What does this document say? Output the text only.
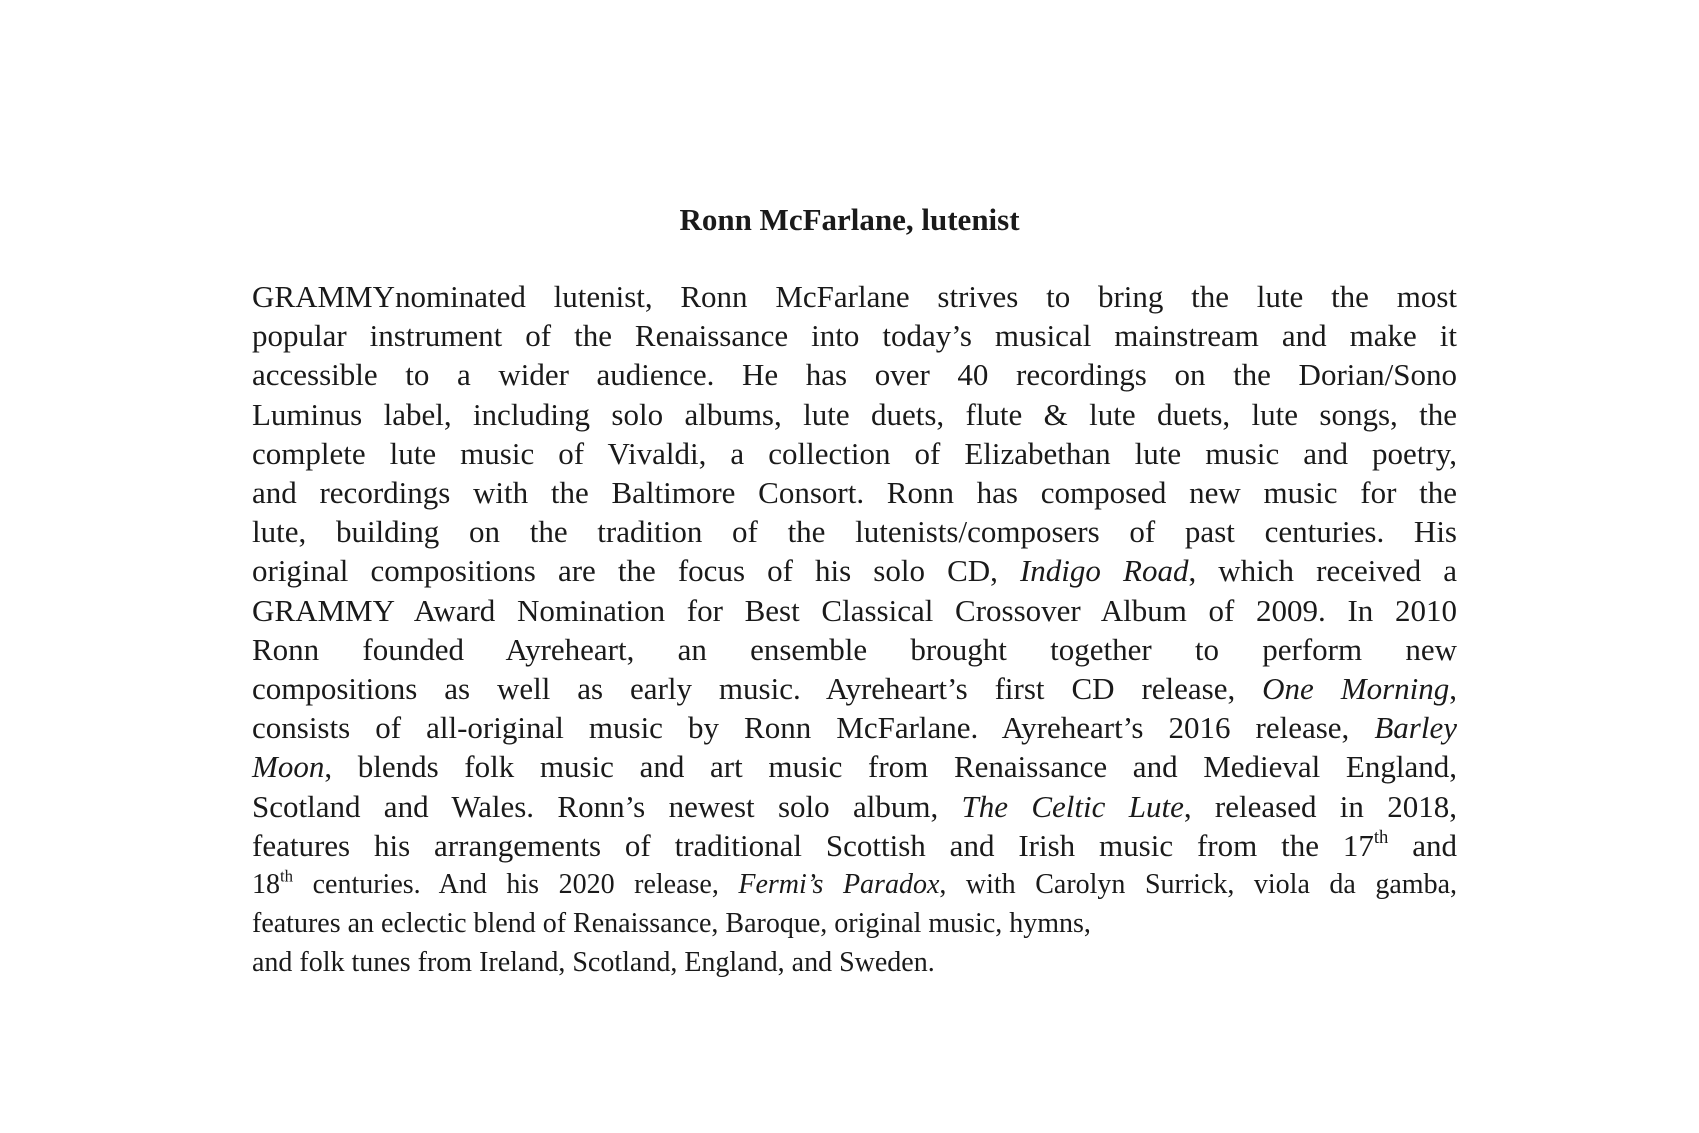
Ronn McFarlane, lutenist
GRAMMYnominated lutenist, Ronn McFarlane strives to bring the lute the most
popular instrument of the Renaissance into today’s musical mainstream and make it
accessible to a wider audience. He has over 40 recordings on the Dorian/Sono
Luminus label, including solo albums, lute duets, flute & lute duets, lute songs, the
complete lute music of Vivaldi, a collection of Elizabethan lute music and poetry,
and recordings with the Baltimore Consort. Ronn has composed new music for the
lute, building on the tradition of the lutenists/composers of past centuries. His
original compositions are the focus of his solo CD, Indigo Road, which received a
GRAMMY Award Nomination for Best Classical Crossover Album of 2009. In 2010
Ronn founded Ayreheart, an ensemble brought together to perform new
compositions as well as early music. Ayreheart’s first CD release, One Morning,
consists of all-original music by Ronn McFarlane. Ayreheart’s 2016 release, Barley
Moon, blends folk music and art music from Renaissance and Medieval England,
Scotland and Wales. Ronn’s newest solo album, The Celtic Lute, released in 2018,
features his arrangements of traditional Scottish and Irish music from the 17th and
18th centuries. And his 2020 release, Fermi’s Paradox, with Carolyn Surrick, viola da gamba,
features an eclectic blend of Renaissance, Baroque, original music, hymns,
and folk tunes from Ireland, Scotland, England, and Sweden.
